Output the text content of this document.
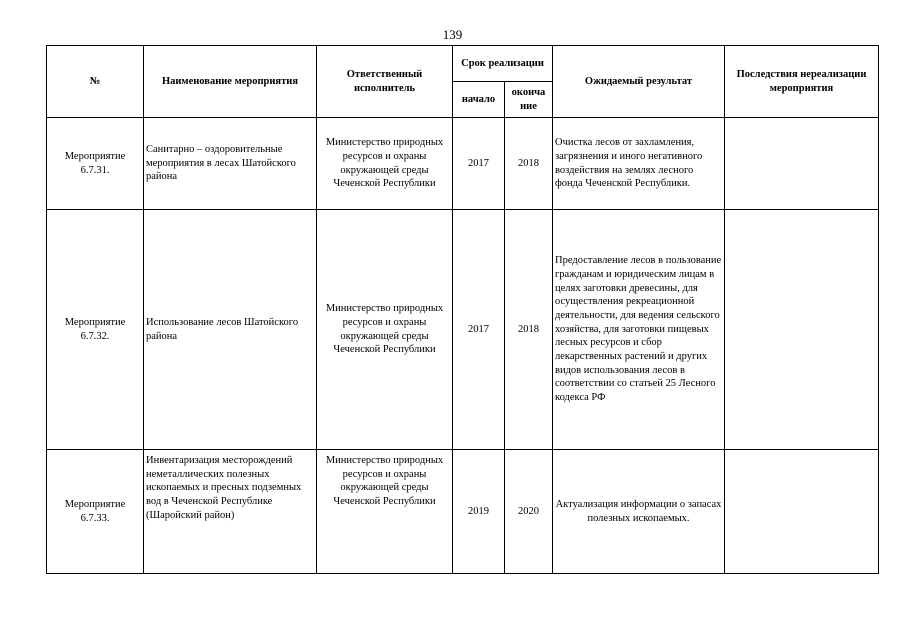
139
№	Наименование мероприятия	Ответственный исполнитель	Срок реализации		Ожидаемый результат	Последствия нереализации мероприятия
			начало	оконча ние		
Мероприятие 6.7.31.	Санитарно – оздоровительные мероприятия в лесах Шатойского района	Министерство природных ресурсов и охраны окружающей среды Чеченской Республики	2017	2018	Очистка лесов от захламления, загрязнения и иного негативного воздействия на землях лесного фонда Чеченской Республики.	
Мероприятие 6.7.32.	Использование лесов Шатойского района	Министерство природных ресурсов и охраны окружающей среды Чеченской Республики	2017	2018	Предоставление лесов в пользование гражданам и юридическим лицам в целях заготовки древесины, для осуществления рекреационной деятельности, для ведения сельского хозяйства, для заготовки пищевых лесных ресурсов и сбор лекарственных растений и других видов использования лесов в соответствии со статьей 25 Лесного кодекса РФ	
Мероприятие 6.7.33.	Инвентаризация месторождений неметаллических полезных ископаемых и пресных подземных вод в Чеченской Республике (Шаройский район)	Министерство природных ресурсов и охраны окружающей среды Чеченской Республики	2019	2020	Актуализация информации о запасах полезных ископаемых.	
